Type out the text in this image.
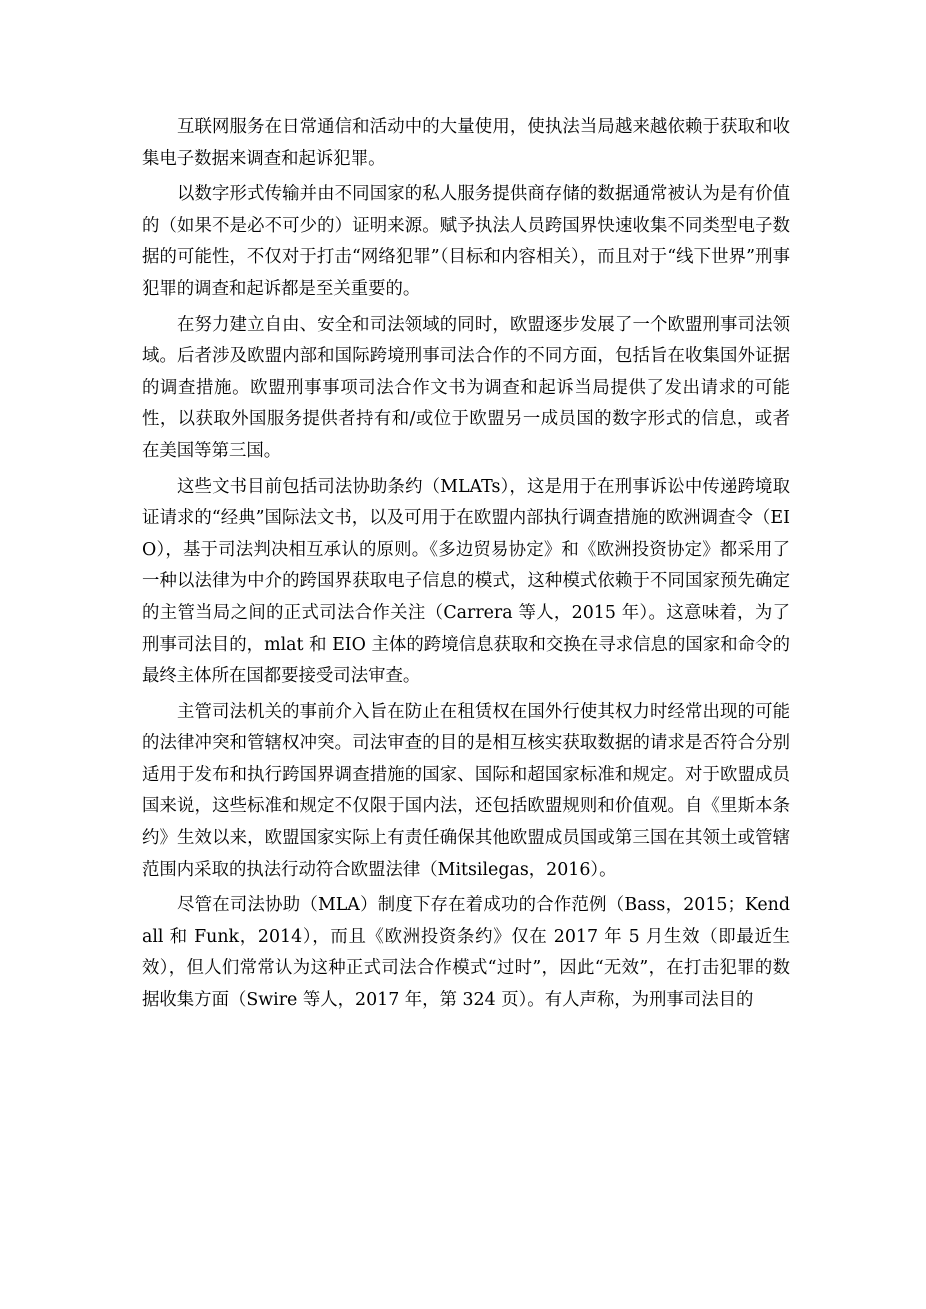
互联网服务在日常通信和活动中的大量使用，使执法当局越来越依赖于获取和收集电子数据来调查和起诉犯罪。

以数字形式传输并由不同国家的私人服务提供商存储的数据通常被认为是有价值的（如果不是必不可少的）证明来源。赋予执法人员跨国界快速收集不同类型电子数据的可能性，不仅对于打击“网络犯罪”（目标和内容相关），而且对于“线下世界”刑事犯罪的调查和起诉都是至关重要的。

在努力建立自由、安全和司法领域的同时，欧盟逐步发展了一个欧盟刑事司法领域。后者涉及欧盟内部和国际跨境刑事司法合作的不同方面，包括旨在收集国外证据的调查措施。欧盟刑事事项司法合作文书为调查和起诉当局提供了发出请求的可能性，以获取外国服务提供者持有和/或位于欧盟另一成员国的数字形式的信息，或者在美国等第三国。

这些文书目前包括司法协助条约（MLATs），这是用于在刑事诉讼中传递跨境取证请求的“经典”国际法文书，以及可用于在欧盟内部执行调查措施的欧洲调查令（EIO），基于司法判决相互承认的原则。《多边贸易协定》和《欧洲投资协定》都采用了一种以法律为中介的跨国界获取电子信息的模式，这种模式依赖于不同国家预先确定的主管当局之间的正式司法合作关注（Carrera 等人，2015 年）。这意味着，为了刑事司法目的，mlat 和 EIO 主体的跨境信息获取和交换在寻求信息的国家和命令的最终主体所在国都要接受司法审查。

主管司法机关的事前介入旨在防止在租赁权在国外行使其权力时经常出现的可能的法律冲突和管辖权冲突。司法审查的目的是相互核实获取数据的请求是否符合分别适用于发布和执行跨国界调查措施的国家、国际和超国家标准和规定。对于欧盟成员国来说，这些标准和规定不仅限于国内法，还包括欧盟规则和价值观。自《里斯本条约》生效以来，欧盟国家实际上有责任确保其他欧盟成员国或第三国在其领土或管辖范围内采取的执法行动符合欧盟法律（Mitsilegas，2016）。

尽管在司法协助（MLA）制度下存在着成功的合作范例（Bass，2015；Kendall 和 Funk，2014），而且《欧洲投资条约》仅在 2017 年 5 月生效（即最近生效），但人们常常认为这种正式司法合作模式“过时”，因此“无效”，在打击犯罪的数据收集方面（Swire 等人，2017 年，第 324 页）。有人声称，为刑事司法目的
